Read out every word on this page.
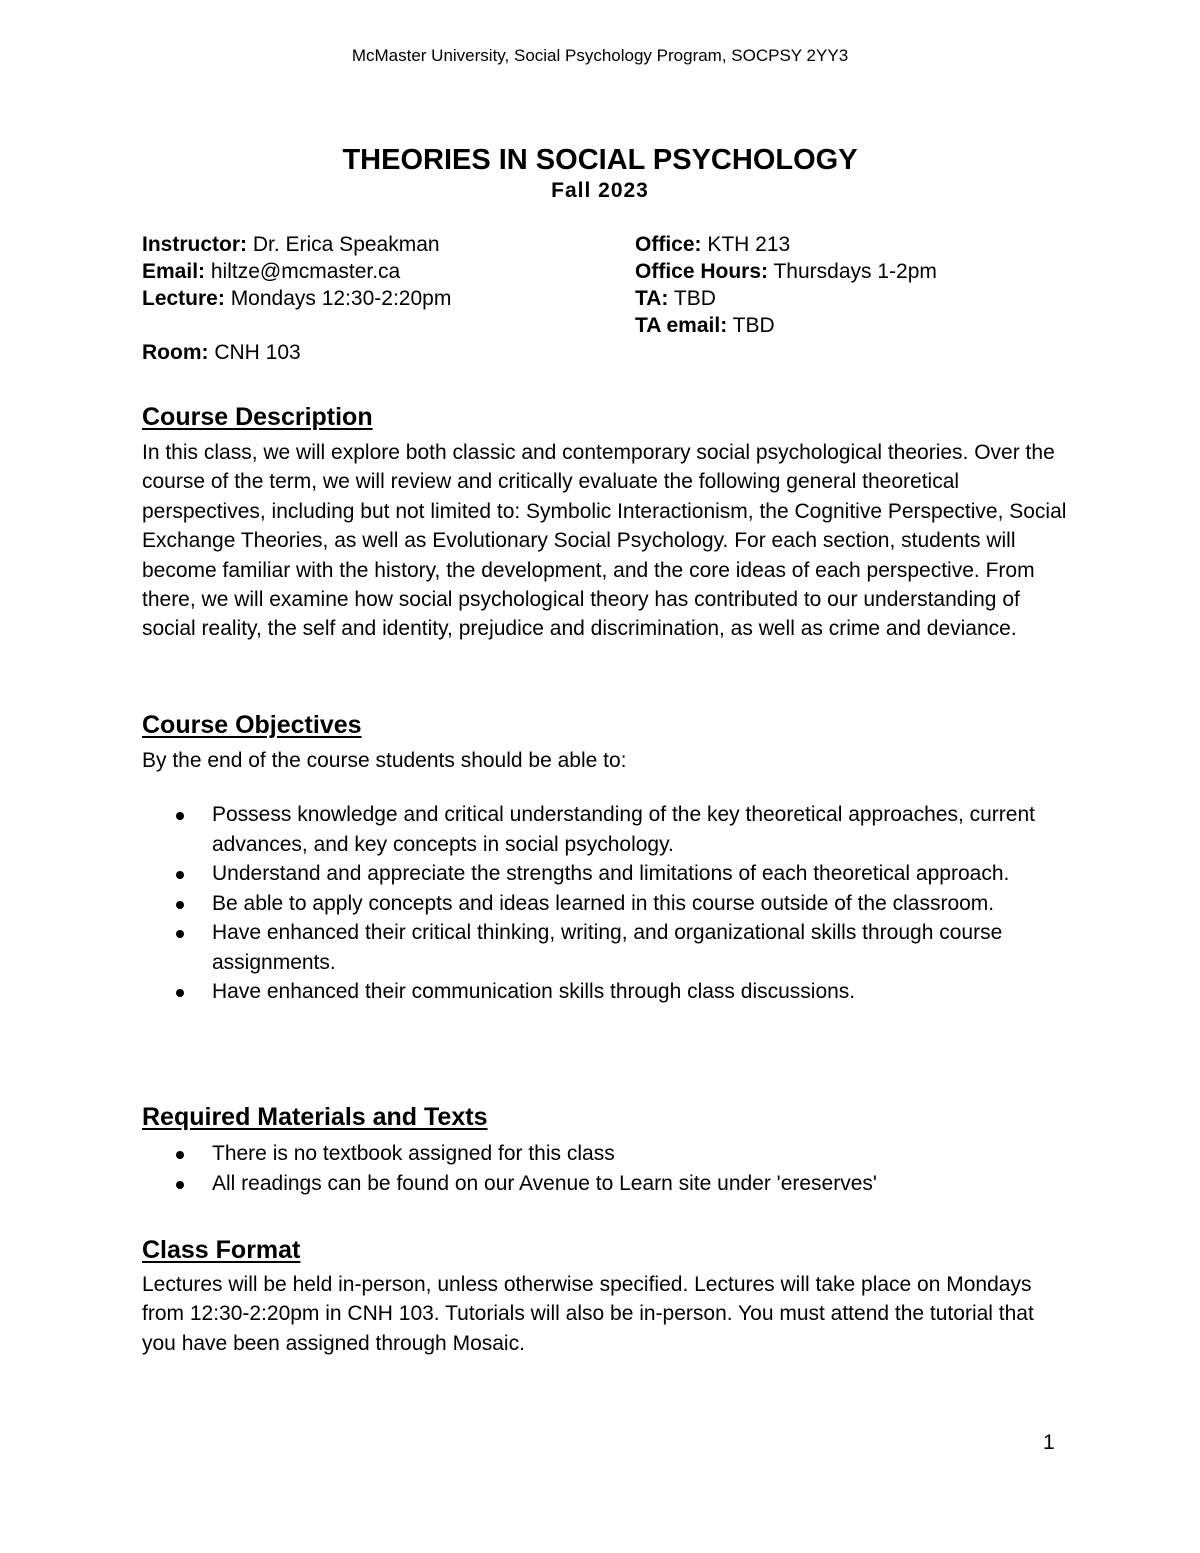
McMaster University, Social Psychology Program, SOCPSY 2YY3
THEORIES IN SOCIAL PSYCHOLOGY
Fall 2023
Instructor: Dr. Erica Speakman
Email: hiltze@mcmaster.ca
Lecture: Mondays 12:30-2:20pm
Room: CNH 103
Office: KTH 213
Office Hours: Thursdays 1-2pm
TA: TBD
TA email: TBD
Course Description
In this class, we will explore both classic and contemporary social psychological theories. Over the course of the term, we will review and critically evaluate the following general theoretical perspectives, including but not limited to: Symbolic Interactionism, the Cognitive Perspective, Social Exchange Theories, as well as Evolutionary Social Psychology. For each section, students will become familiar with the history, the development, and the core ideas of each perspective. From there, we will examine how social psychological theory has contributed to our understanding of social reality, the self and identity, prejudice and discrimination, as well as crime and deviance.
Course Objectives
By the end of the course students should be able to:
Possess knowledge and critical understanding of the key theoretical approaches, current advances, and key concepts in social psychology.
Understand and appreciate the strengths and limitations of each theoretical approach.
Be able to apply concepts and ideas learned in this course outside of the classroom.
Have enhanced their critical thinking, writing, and organizational skills through course assignments.
Have enhanced their communication skills through class discussions.
Required Materials and Texts
There is no textbook assigned for this class
All readings can be found on our Avenue to Learn site under 'ereserves'
Class Format
Lectures will be held in-person, unless otherwise specified. Lectures will take place on Mondays from 12:30-2:20pm in CNH 103. Tutorials will also be in-person. You must attend the tutorial that you have been assigned through Mosaic.
1
